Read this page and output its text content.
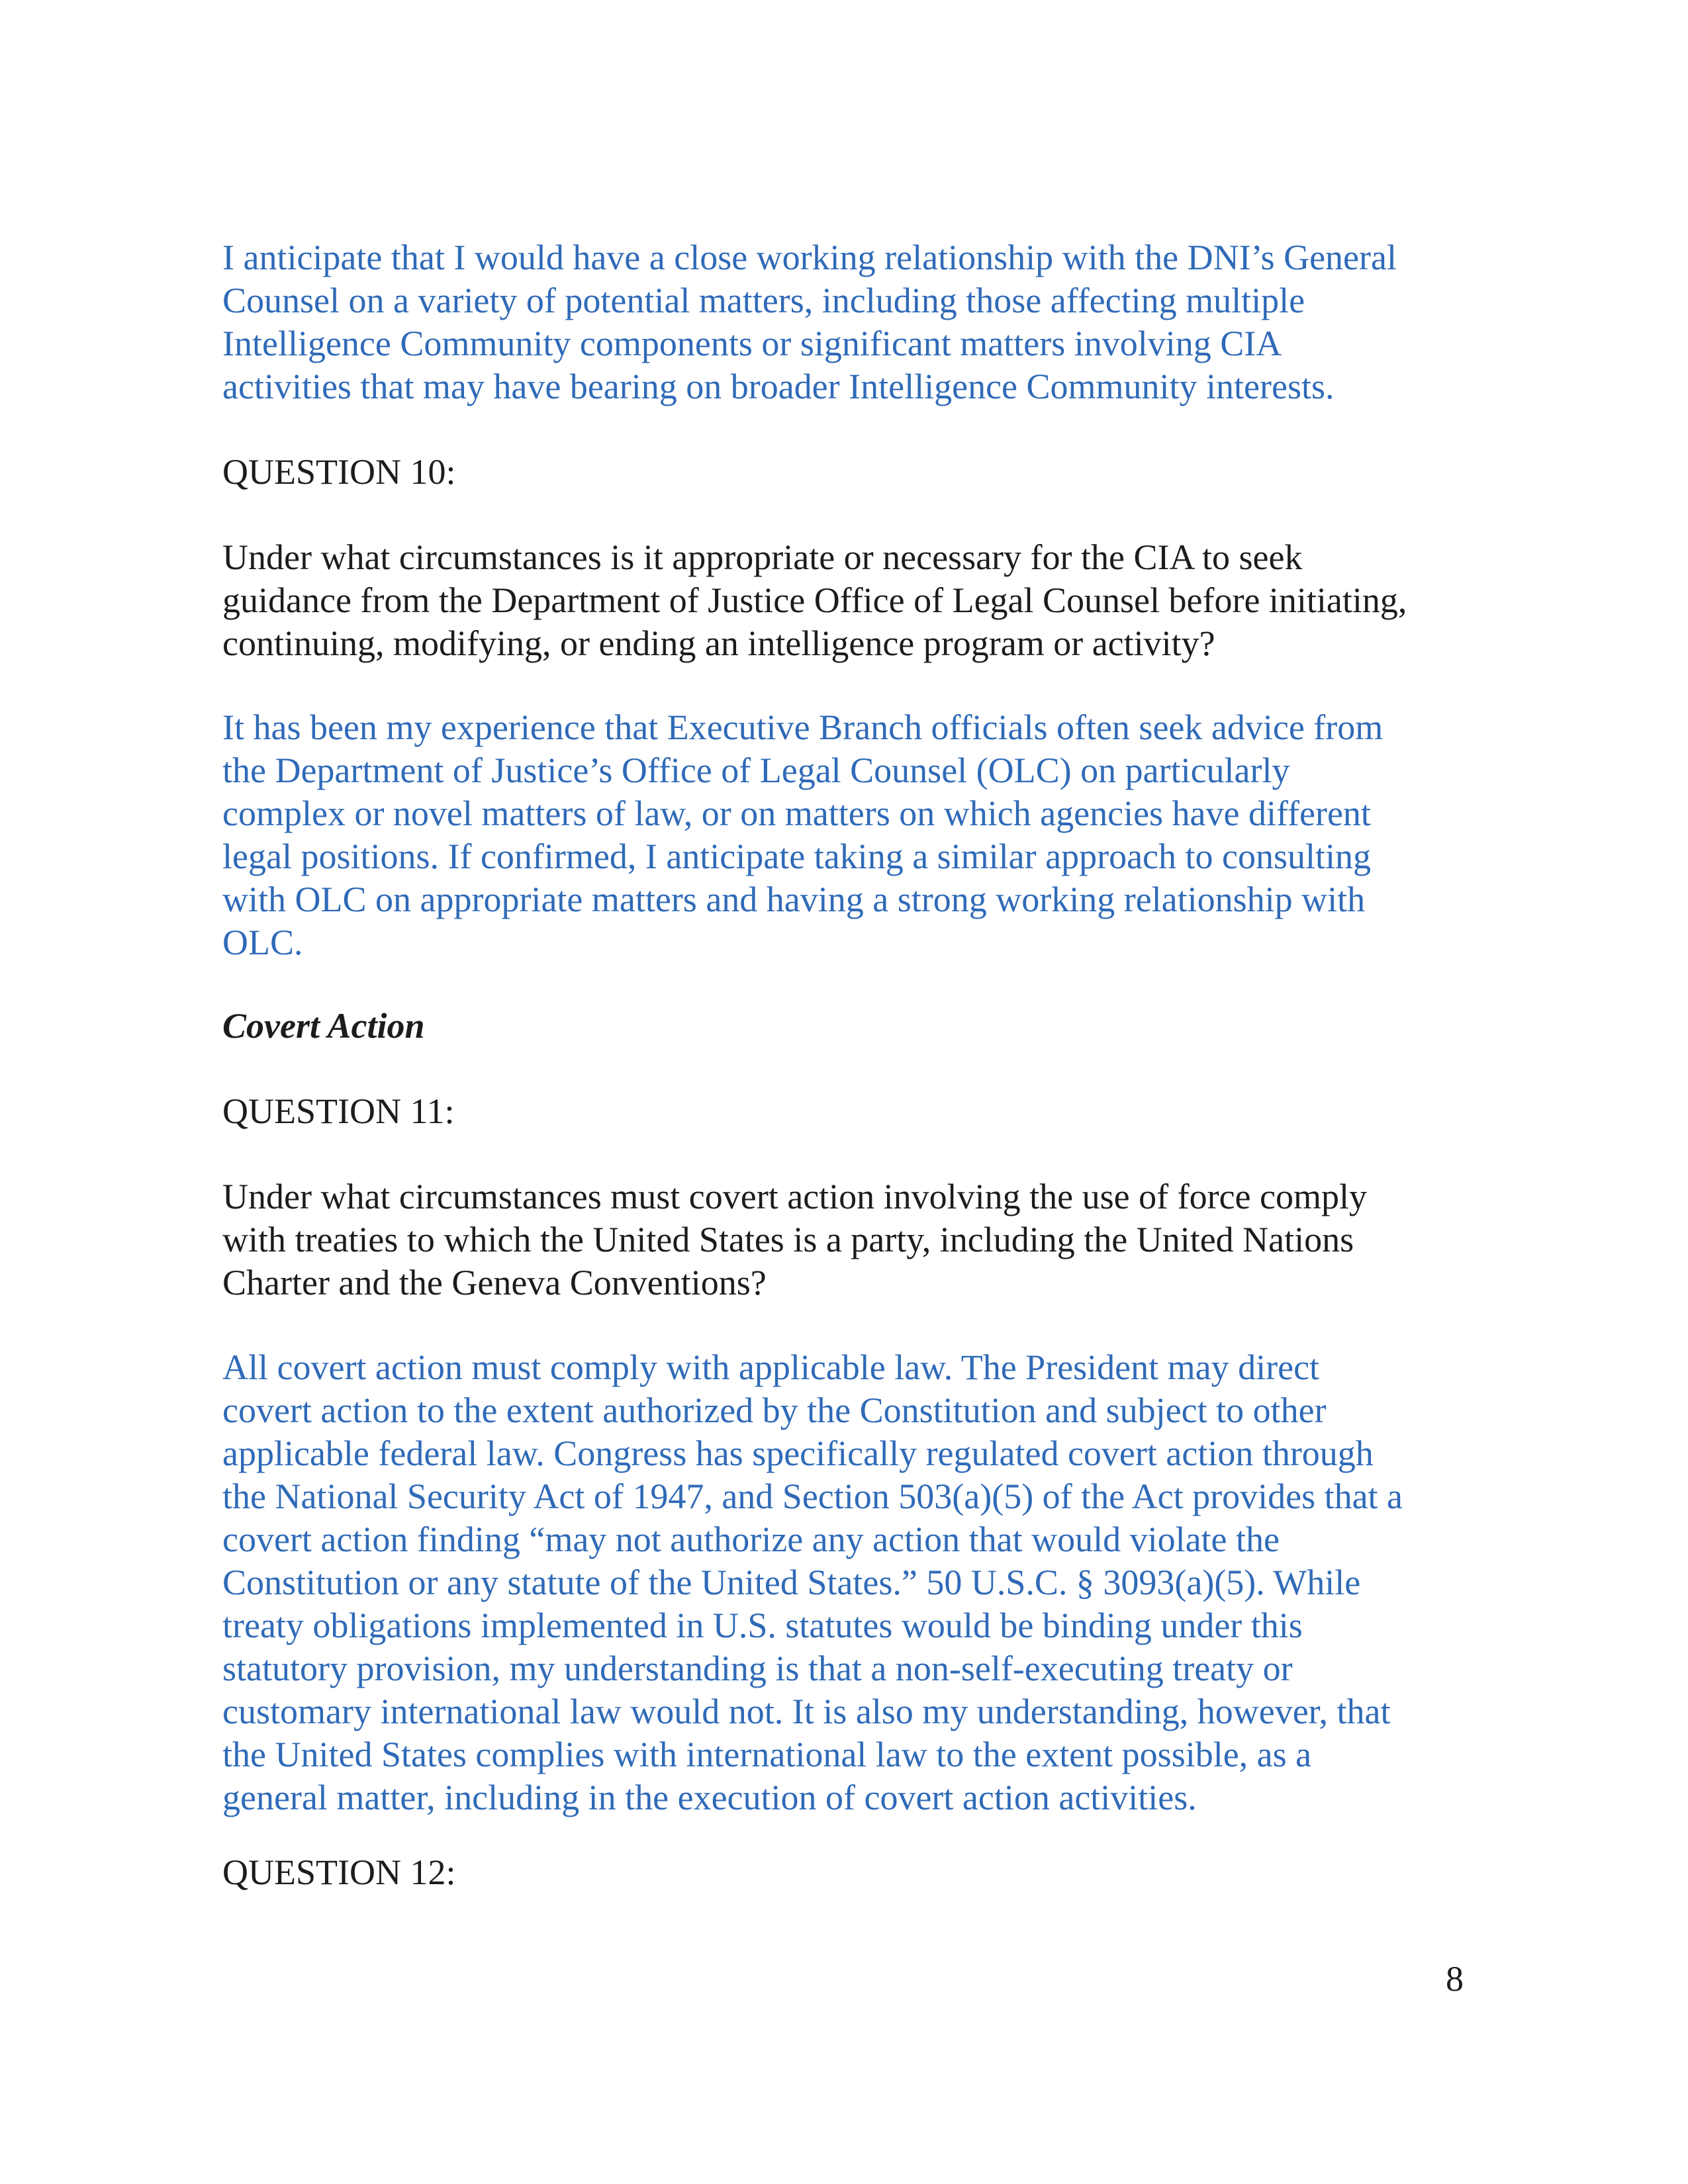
I anticipate that I would have a close working relationship with the DNI’s General
Counsel on a variety of potential matters, including those affecting multiple
Intelligence Community components or significant matters involving CIA
activities that may have bearing on broader Intelligence Community interests.

QUESTION 10:

Under what circumstances is it appropriate or necessary for the CIA to seek
guidance from the Department of Justice Office of Legal Counsel before initiating,
continuing, modifying, or ending an intelligence program or activity?

It has been my experience that Executive Branch officials often seek advice from
the Department of Justice’s Office of Legal Counsel (OLC) on particularly
complex or novel matters of law, or on matters on which agencies have different
legal positions. If confirmed, I anticipate taking a similar approach to consulting
with OLC on appropriate matters and having a strong working relationship with
OLC.

Covert Action

QUESTION 11:

Under what circumstances must covert action involving the use of force comply
with treaties to which the United States is a party, including the United Nations
Charter and the Geneva Conventions?

All covert action must comply with applicable law. The President may direct
covert action to the extent authorized by the Constitution and subject to other
applicable federal law. Congress has specifically regulated covert action through
the National Security Act of 1947, and Section 503(a)(5) of the Act provides that a
covert action finding “may not authorize any action that would violate the
Constitution or any statute of the United States.” 50 U.S.C. § 3093(a)(5). While
treaty obligations implemented in U.S. statutes would be binding under this
statutory provision, my understanding is that a non-self-executing treaty or
customary international law would not. It is also my understanding, however, that
the United States complies with international law to the extent possible, as a
general matter, including in the execution of covert action activities.

QUESTION 12:

8
